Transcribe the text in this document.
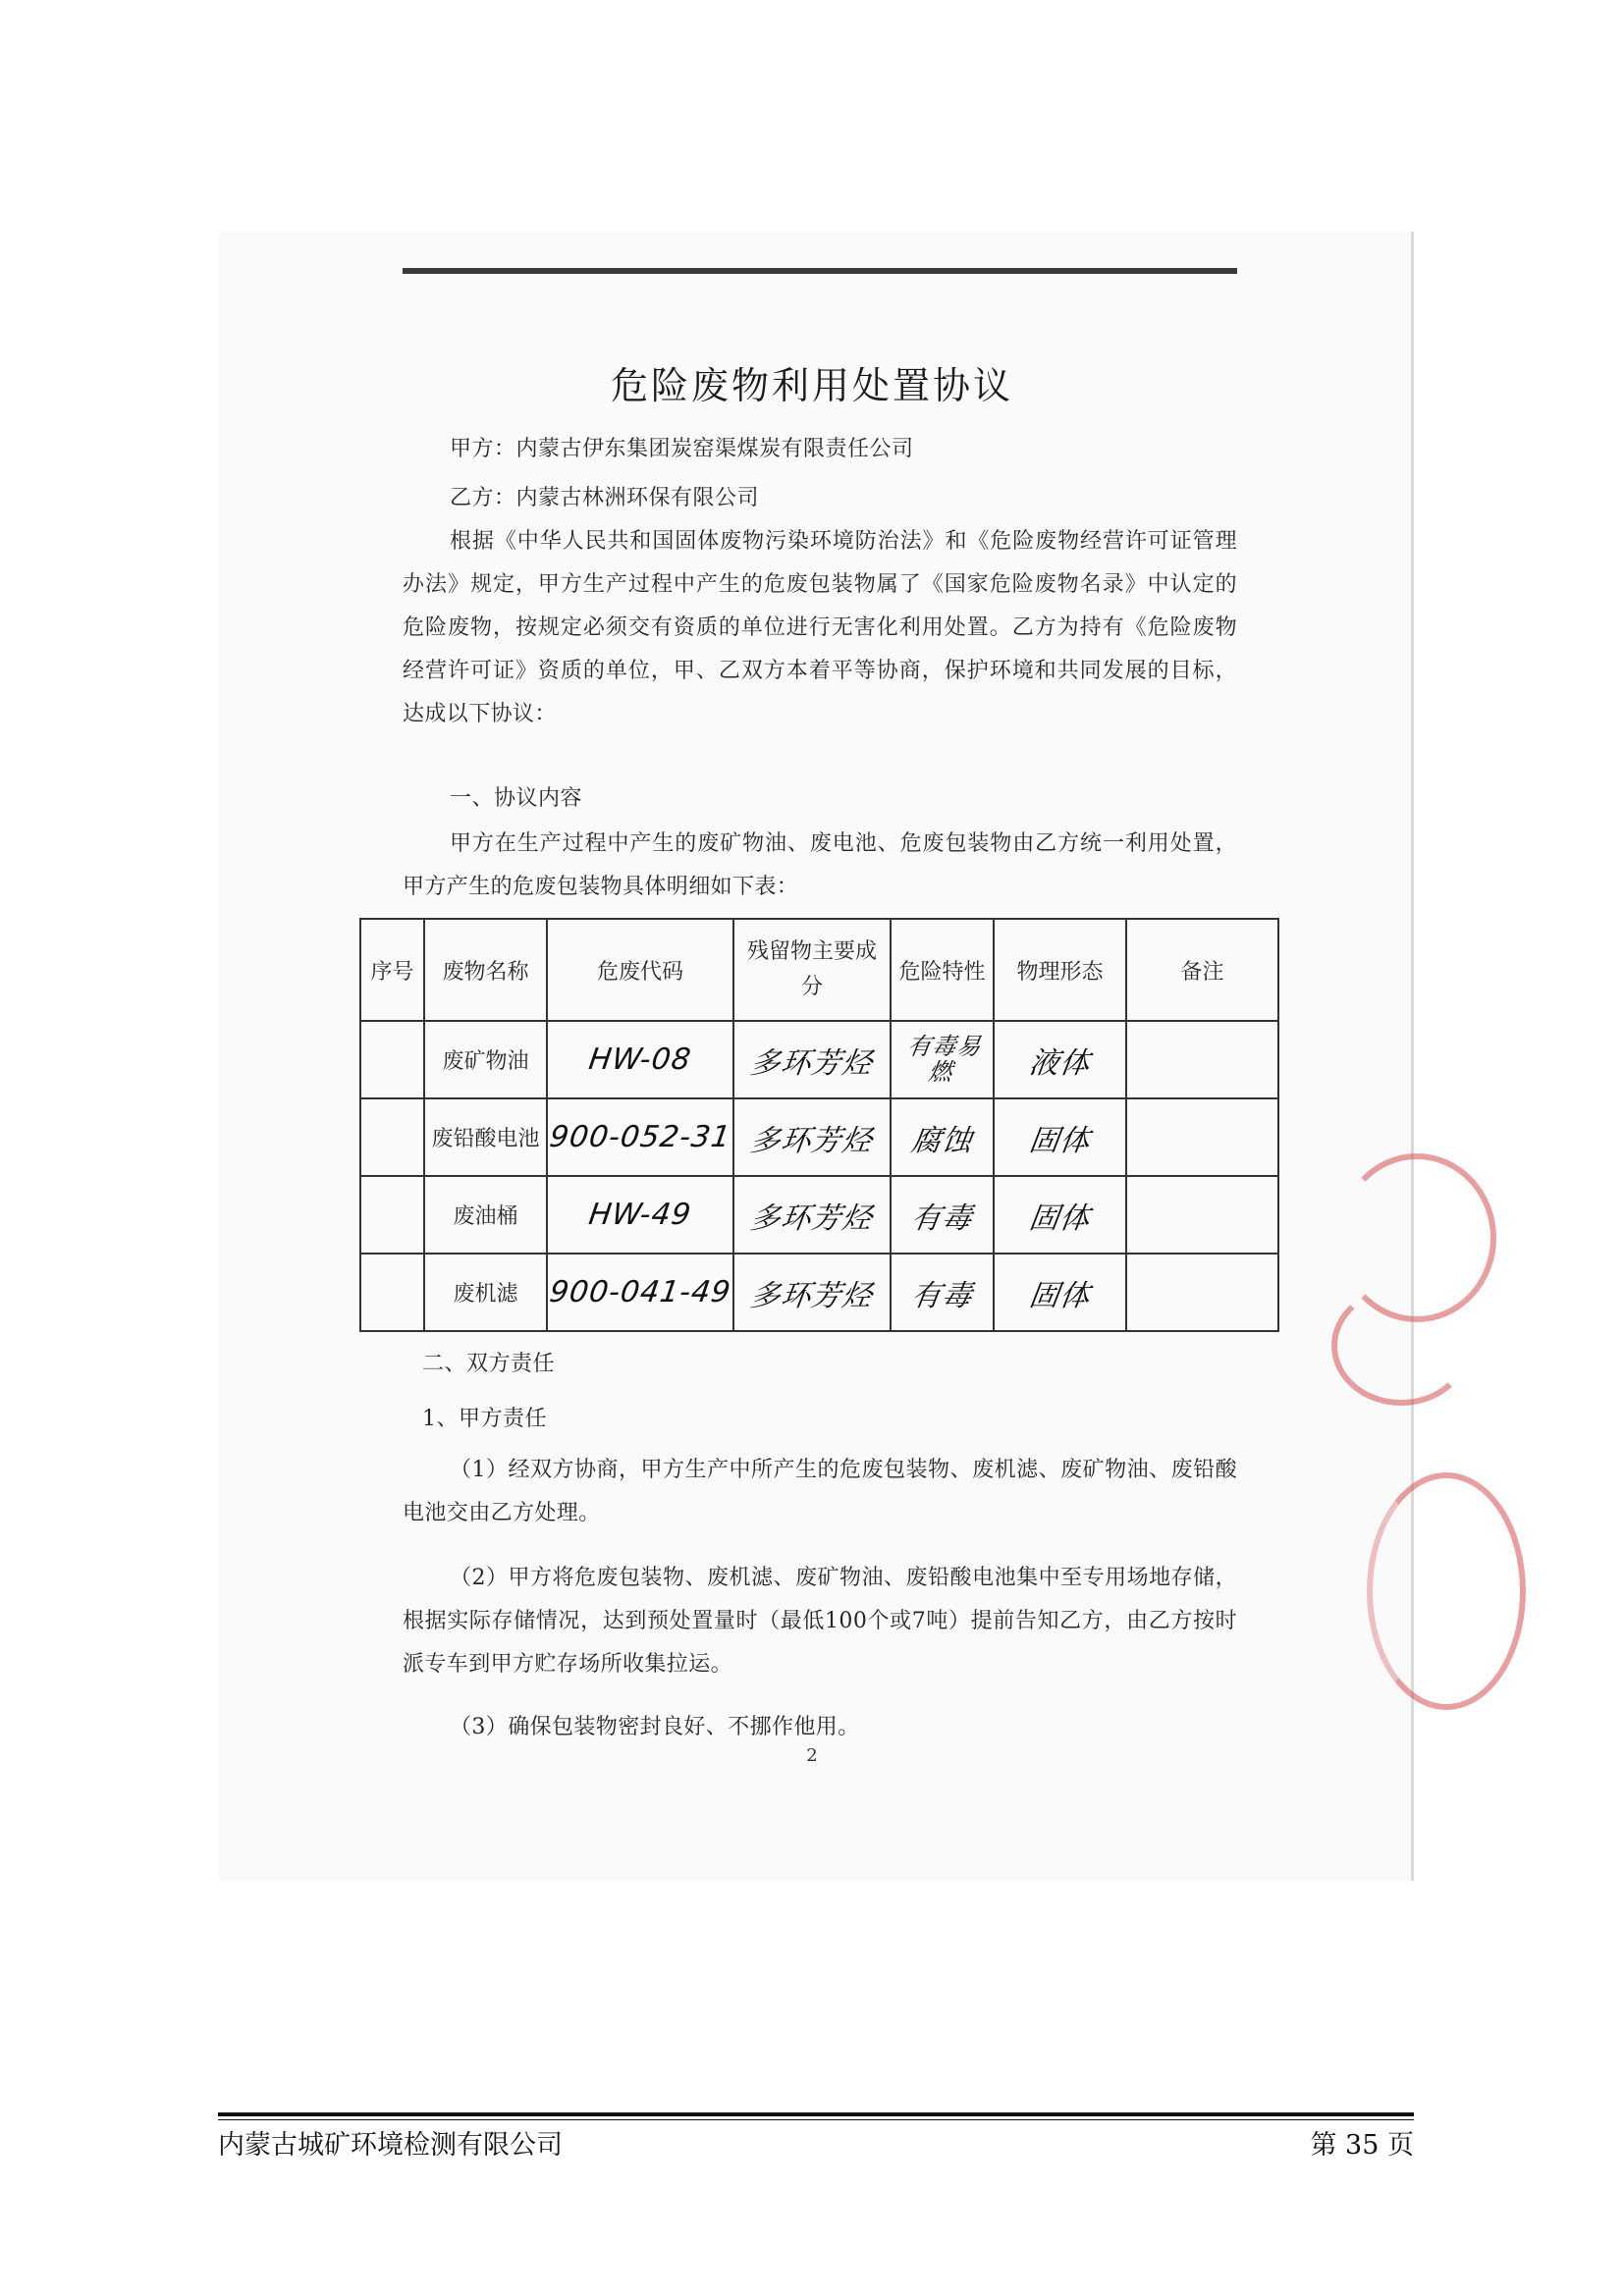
危险废物利用处置协议
甲方：内蒙古伊东集团炭窑渠煤炭有限责任公司
乙方：内蒙古林洲环保有限公司
根据《中华人民共和国固体废物污染环境防治法》和《危险废物经营许可证管理办法》规定，甲方生产过程中产生的危废包装物属了《国家危险废物名录》中认定的危险废物，按规定必须交有资质的单位进行无害化利用处置。乙方为持有《危险废物经营许可证》资质的单位，甲、乙双方本着平等协商，保护环境和共同发展的目标，达成以下协议：
一、协议内容
甲方在生产过程中产生的废矿物油、废电池、危废包装物由乙方统一利用处置，甲方产生的危废包装物具体明细如下表：
序号	废物名称	危废代码	残留物主要成分	危险特性	物理形态	备注
	废矿物油	HW-08	多环芳烃	有毒易燃	液体	
	废铅酸电池	900-052-31	多环芳烃	腐蚀	固体	
	废油桶	HW-49	多环芳烃	有毒	固体	
	废机滤	900-041-49	多环芳烃	有毒	固体	
二、双方责任
1、甲方责任
（1）经双方协商，甲方生产中所产生的危废包装物、废机滤、废矿物油、废铅酸电池交由乙方处理。
（2）甲方将危废包装物、废机滤、废矿物油、废铅酸电池集中至专用场地存储，根据实际存储情况，达到预处置量时（最低100个或7吨）提前告知乙方，由乙方按时派专车到甲方贮存场所收集拉运。
（3）确保包装物密封良好、不挪作他用。
2
内蒙古城矿环境检测有限公司	第 35 页
